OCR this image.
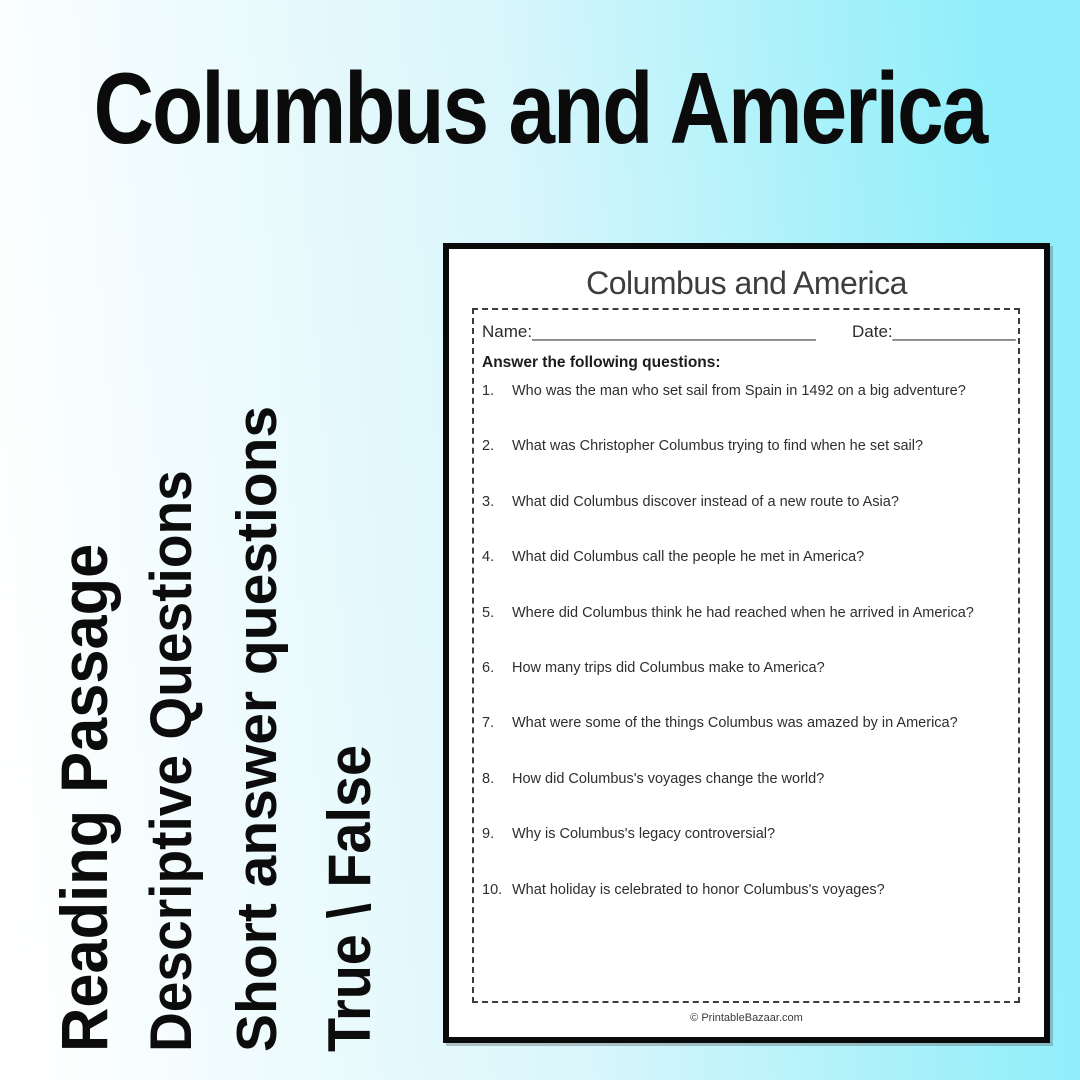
Columbus and America
Reading Passage Descriptive Questions Short answer questions True \ False
Columbus and America
Name:______________________________ Date:_____________
Answer the following questions:
1.	Who was the man who set sail from Spain in 1492 on a big adventure?
2.	What was Christopher Columbus trying to find when he set sail?
3.	What did Columbus discover instead of a new route to Asia?
4.	What did Columbus call the people he met in America?
5.	Where did Columbus think he had reached when he arrived in America?
6.	How many trips did Columbus make to America?
7.	What were some of the things Columbus was amazed by in America?
8.	How did Columbus's voyages change the world?
9.	Why is Columbus's legacy controversial?
10. What holiday is celebrated to honor Columbus's voyages?
© PrintableBazaar.com
